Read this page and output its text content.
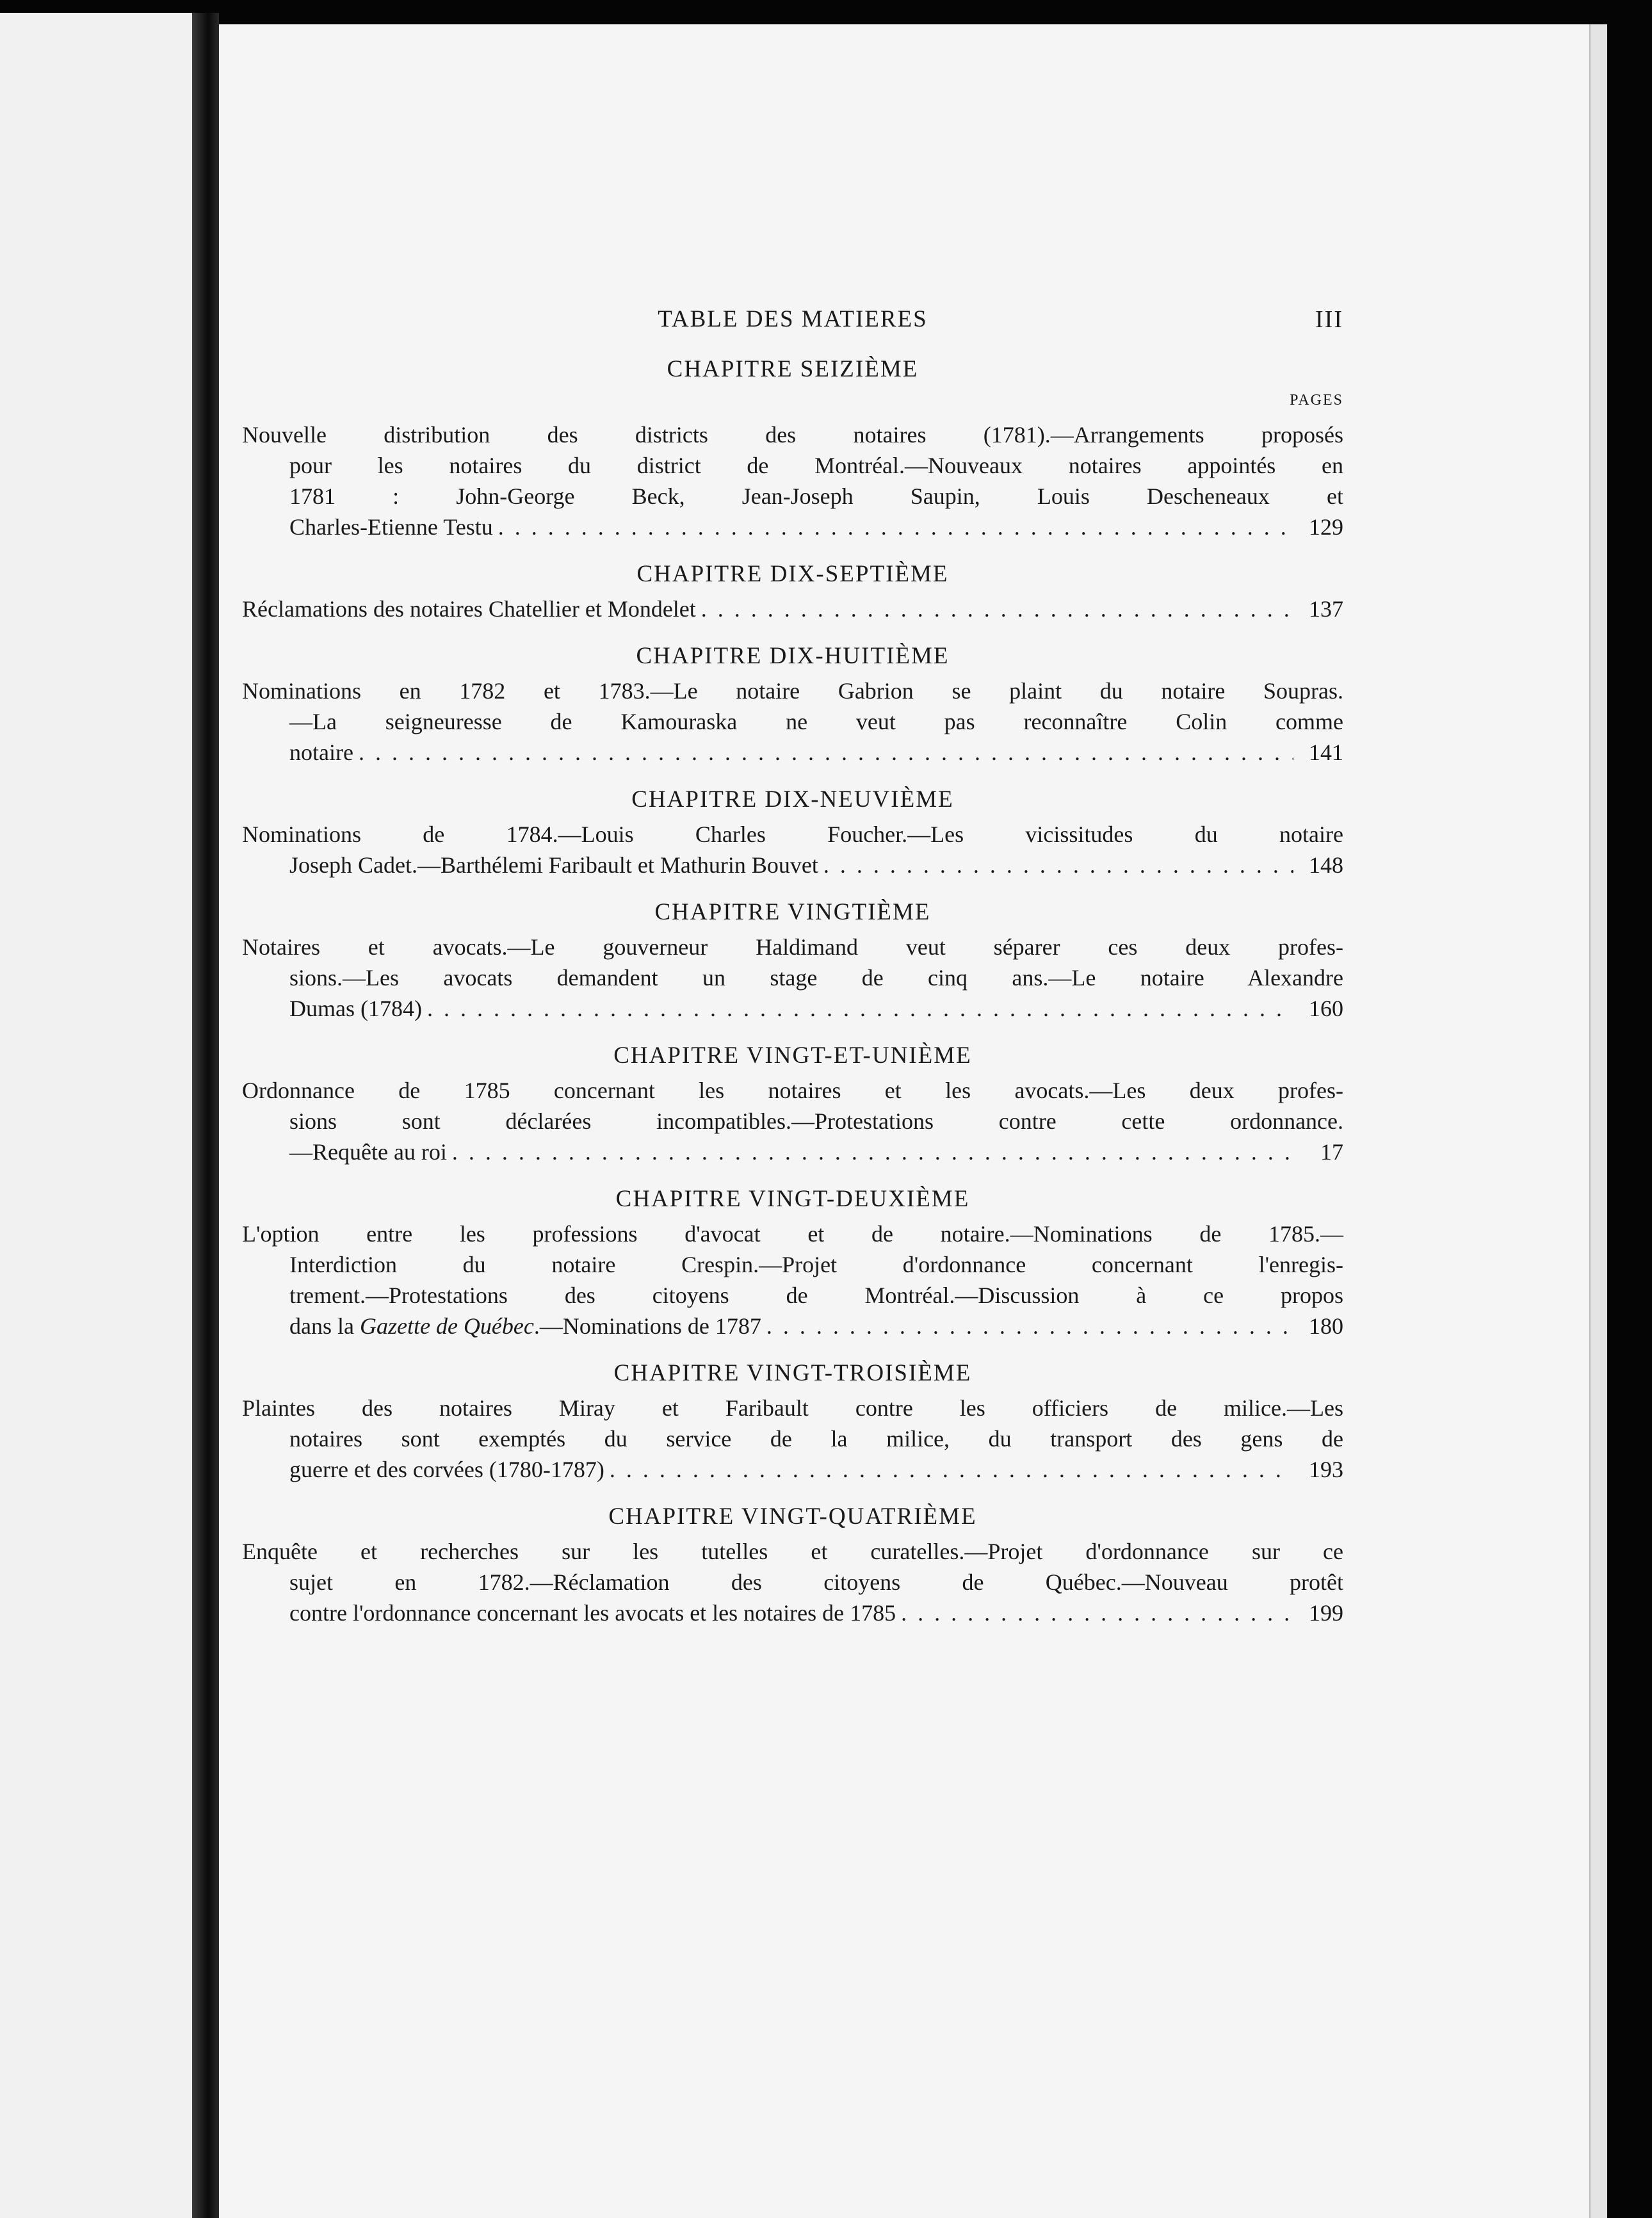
TABLE DES MATIERES	III
CHAPITRE SEIZIÈME
PAGES
Nouvelle distribution des districts des notaires (1781).—Arrangements proposés
pour les notaires du district de Montréal.—Nouveaux notaires appointés en
1781 : John-George Beck, Jean-Joseph Saupin, Louis Descheneaux et
Charles-Etienne Testu . . .	129
CHAPITRE DIX-SEPTIÈME
Réclamations des notaires Chatellier et Mondelet . . .	137
CHAPITRE DIX-HUITIÈME
Nominations en 1782 et 1783.—Le notaire Gabrion se plaint du notaire Soupras.
—La seigneuresse de Kamouraska ne veut pas reconnaître Colin comme
notaire . . .	141
CHAPITRE DIX-NEUVIÈME
Nominations de 1784.—Louis Charles Foucher.—Les vicissitudes du notaire
Joseph Cadet.—Barthélemi Faribault et Mathurin Bouvet . . .	148
CHAPITRE VINGTIÈME
Notaires et avocats.—Le gouverneur Haldimand veut séparer ces deux profes-
sions.—Les avocats demandent un stage de cinq ans.—Le notaire Alexandre
Dumas (1784) . . .	160
CHAPITRE VINGT-ET-UNIÈME
Ordonnance de 1785 concernant les notaires et les avocats.—Les deux profes-
sions sont déclarées incompatibles.—Protestations contre cette ordonnance.
—Requête au roi . . .	17
CHAPITRE VINGT-DEUXIÈME
L'option entre les professions d'avocat et de notaire.—Nominations de 1785.—
Interdiction du notaire Crespin.—Projet d'ordonnance concernant l'enregis-
trement.—Protestations des citoyens de Montréal.—Discussion à ce propos
dans la Gazette de Québec.—Nominations de 1787 . . .	180
CHAPITRE VINGT-TROISIÈME
Plaintes des notaires Miray et Faribault contre les officiers de milice.—Les
notaires sont exemptés du service de la milice, du transport des gens de
guerre et des corvées (1780-1787) . . .	193
CHAPITRE VINGT-QUATRIÈME
Enquête et recherches sur les tutelles et curatelles.—Projet d'ordonnance sur ce
sujet en 1782.—Réclamation des citoyens de Québec.—Nouveau protêt
contre l'ordonnance concernant les avocats et les notaires de 1785 . . .	199
